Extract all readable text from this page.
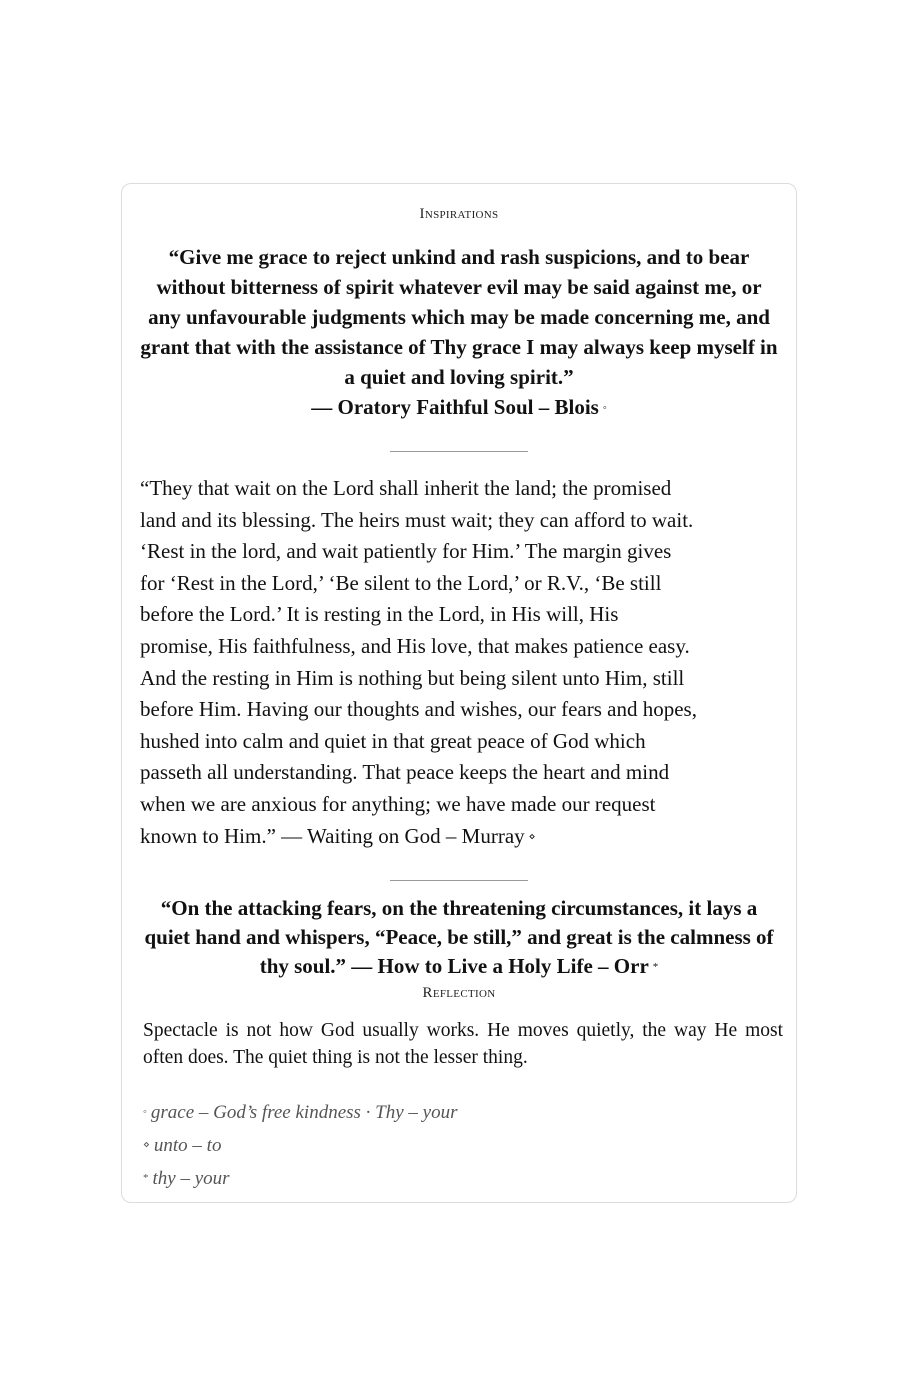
Inspirations
“Give me grace to reject unkind and rash suspicions, and to bear without bitterness of spirit whatever evil may be said against me, or any unfavourable judgments which may be made concerning me, and grant that with the assistance of Thy grace I may always keep myself in a quiet and loving spirit.”
— Oratory Faithful Soul – Blois ◦
“They that wait on the Lord shall inherit the land; the promised
land and its blessing. The heirs must wait; they can afford to wait.
‘Rest in the lord, and wait patiently for Him.’ The margin gives
for ‘Rest in the Lord,’ ‘Be silent to the Lord,’ or R.V., ‘Be still
before the Lord.’ It is resting in the Lord, in His will, His
promise, His faithfulness, and His love, that makes patience easy.
And the resting in Him is nothing but being silent unto Him, still
before Him. Having our thoughts and wishes, our fears and hopes,
hushed into calm and quiet in that great peace of God which
passeth all understanding. That peace keeps the heart and mind
when we are anxious for anything; we have made our request
known to Him.” — Waiting on God – Murray ⋄
“On the attacking fears, on the threatening circumstances, it lays a quiet hand and whispers, “Peace, be still,” and great is the calmness of thy soul.” — How to Live a Holy Life – Orr *
Reflection
Spectacle is not how God usually works. He moves quietly, the way He most often does. The quiet thing is not the lesser thing.
◦ grace – God’s free kindness · Thy – your
⋄ unto – to
* thy – your
